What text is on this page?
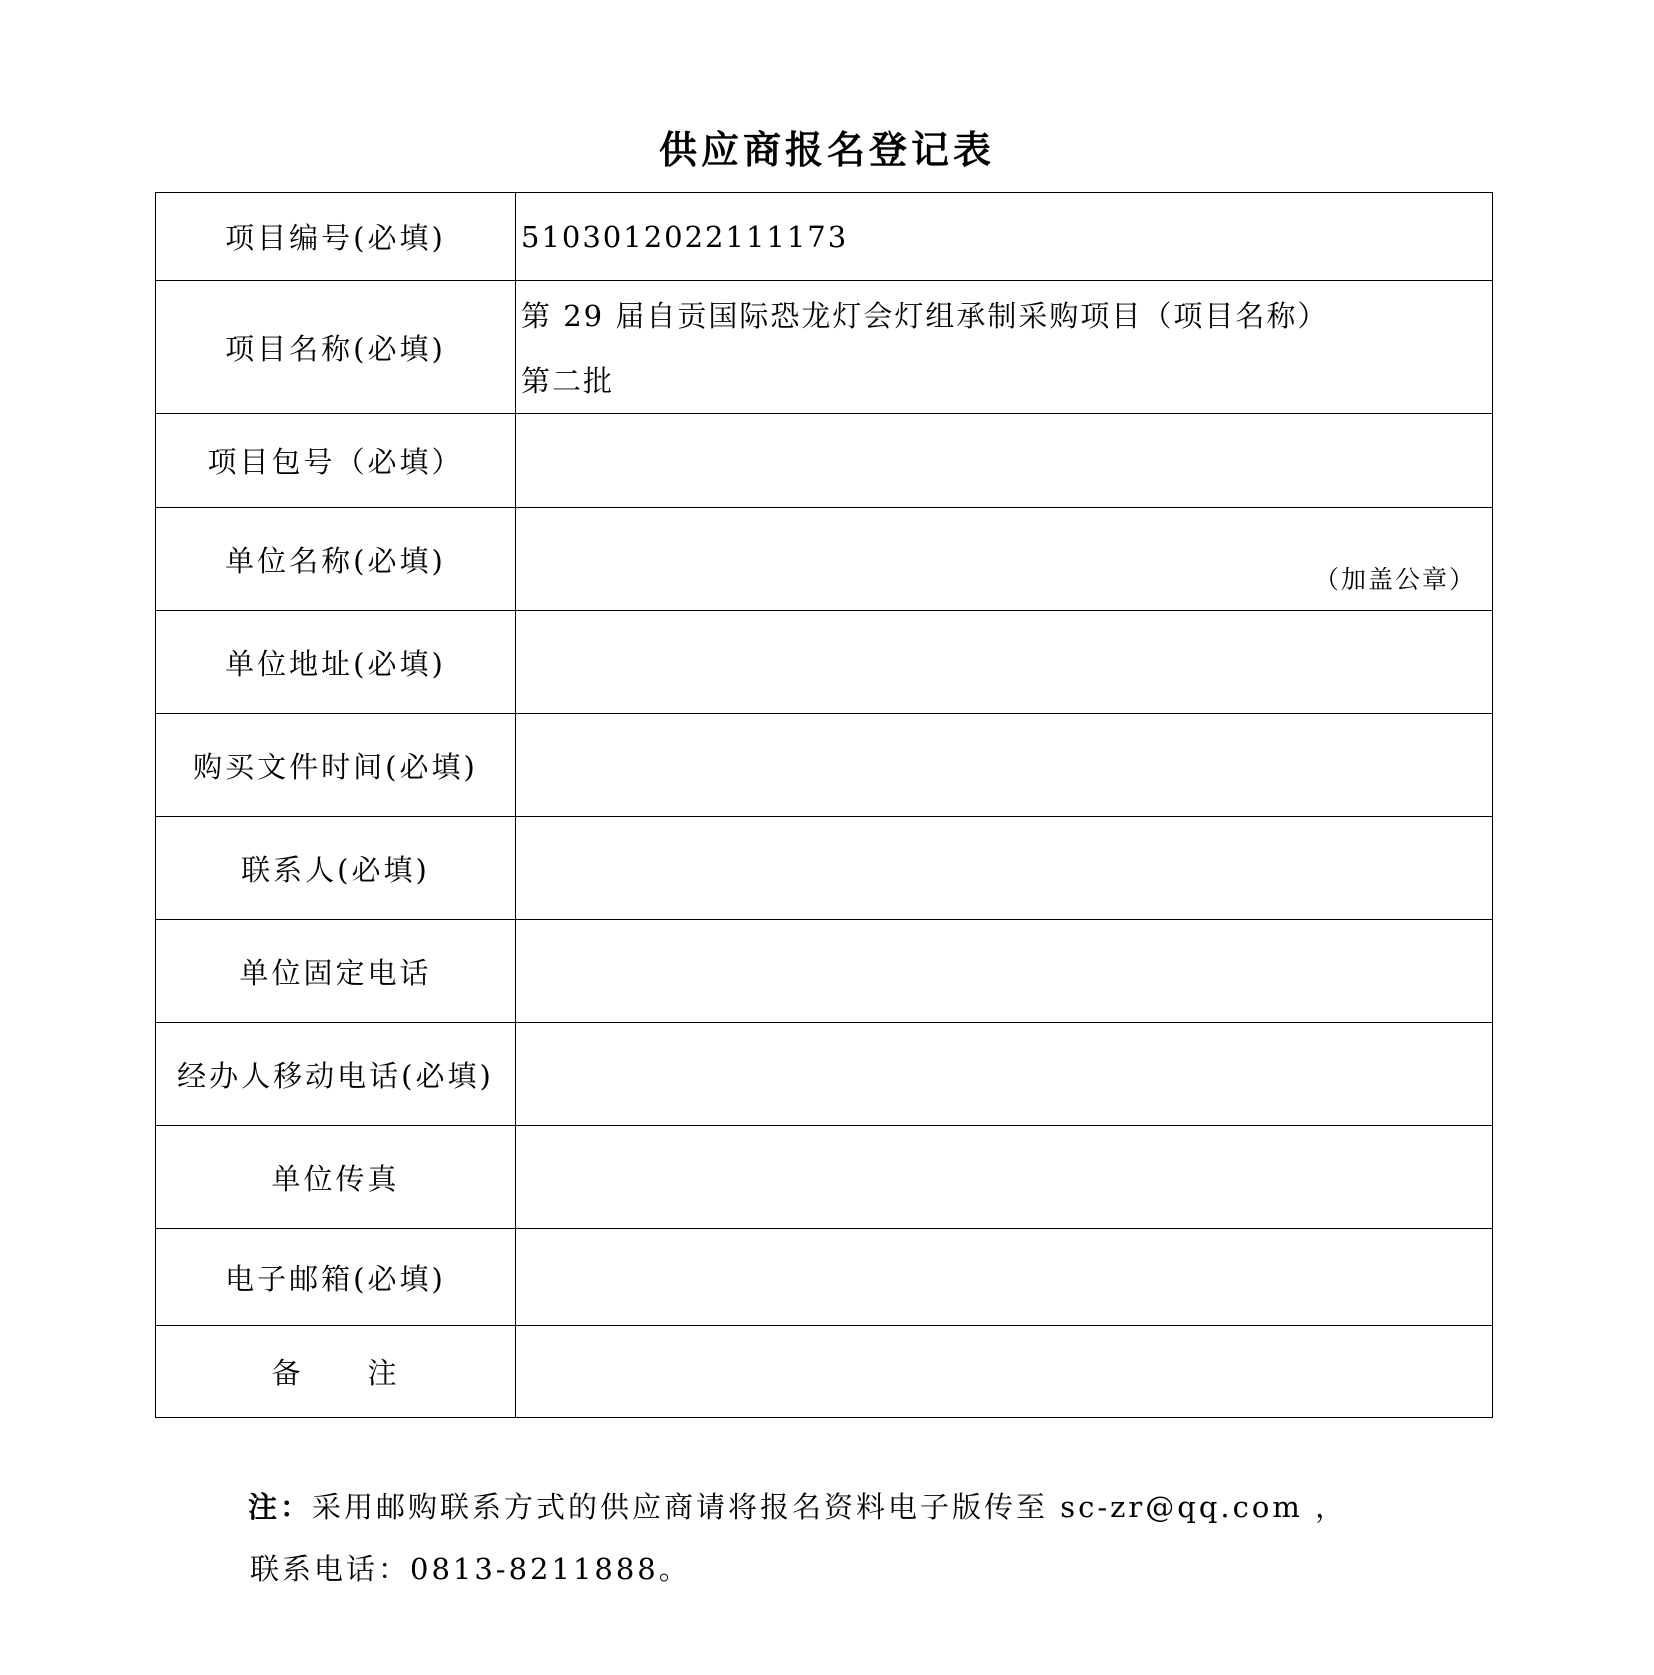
供应商报名登记表
项目编号(必填)	5103012022111173

项目名称(必填)	第 29 届自贡国际恐龙灯会灯组承制采购项目（项目名称）
第二批

项目包号（必填）	
单位名称(必填)	（加盖公章）

单位地址(必填)	
购买文件时间(必填)	
联系人(必填)	
单位固定电话	
经办人移动电话(必填)	
单位传真	
电子邮箱(必填)	
备 注	
注：采用邮购联系方式的供应商请将报名资料电子版传至 sc-zr@qq.com ，
联系电话：0813-8211888。
